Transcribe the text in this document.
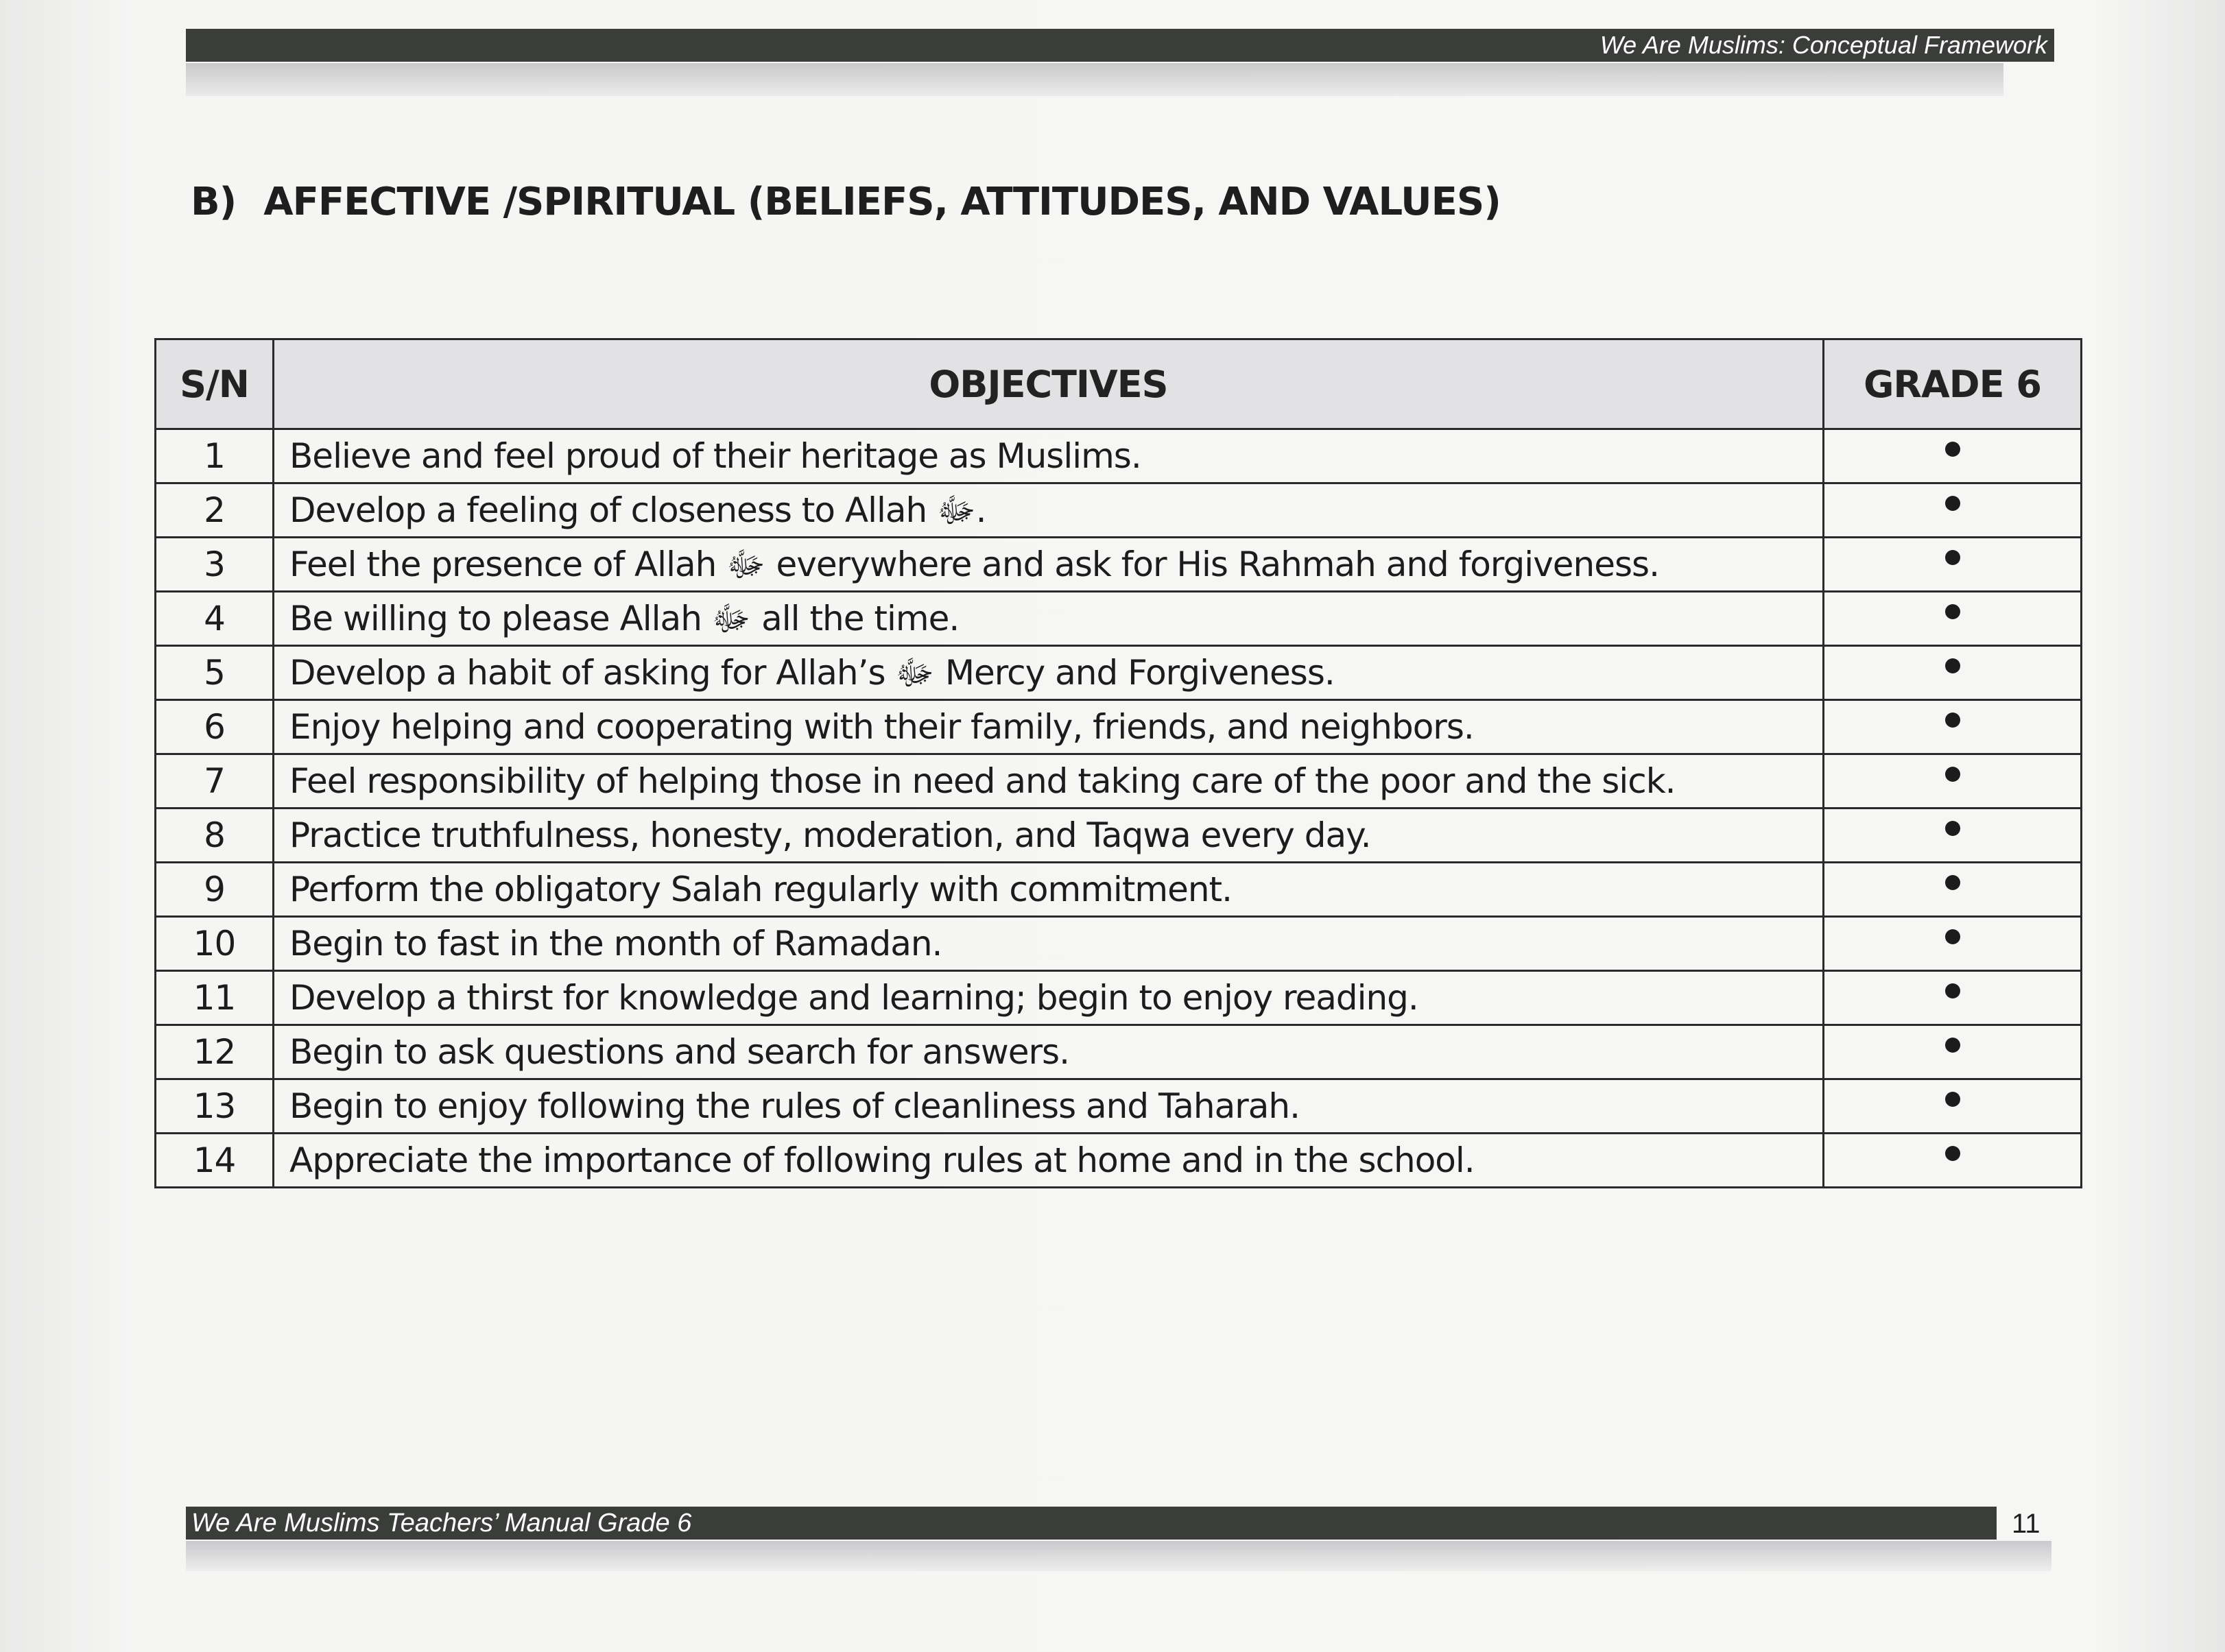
We Are Muslims: Conceptual Framework
B) AFFECTIVE /SPIRITUAL (BELIEFS, ATTITUDES, AND VALUES)
S/N	OBJECTIVES	GRADE 6
1	Believe and feel proud of their heritage as Muslims.	
2	Develop a feeling of closeness to Allah ﷻ.	
3	Feel the presence of Allah ﷻ everywhere and ask for His Rahmah and forgiveness.	
4	Be willing to please Allah ﷻ all the time.	
5	Develop a habit of asking for Allah’s ﷻ Mercy and Forgiveness.	
6	Enjoy helping and cooperating with their family, friends, and neighbors.	
7	Feel responsibility of helping those in need and taking care of the poor and the sick.	
8	Practice truthfulness, honesty, moderation, and Taqwa every day.	
9	Perform the obligatory Salah regularly with commitment.	
10	Begin to fast in the month of Ramadan.	
11	Develop a thirst for knowledge and learning; begin to enjoy reading.	
12	Begin to ask questions and search for answers.	
13	Begin to enjoy following the rules of cleanliness and Taharah.	
14	Appreciate the importance of following rules at home and in the school.	
We Are Muslims Teachers’ Manual Grade 6	11
